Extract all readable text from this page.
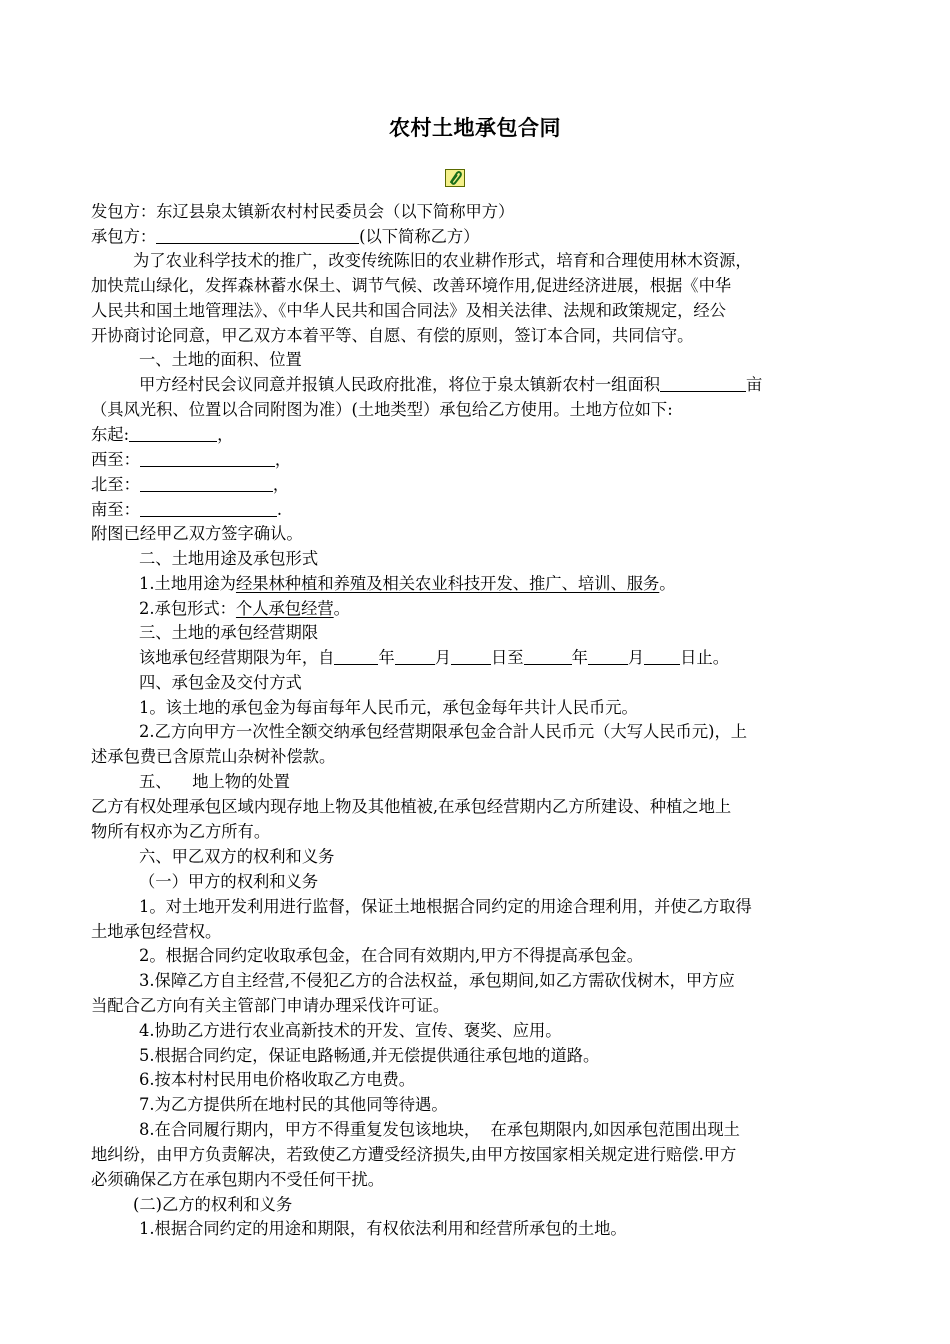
农村土地承包合同
发包方：东辽县泉太镇新农村村民委员会（以下简称甲方）
承包方：	(以下简称乙方）
为了农业科学技术的推广，改变传统陈旧的农业耕作形式，培育和合理使用林木资源，
加快荒山绿化，发挥森林蓄水保土、调节气候、改善环境作用,促进经济进展，根据《中华
人民共和国土地管理法》、《中华人民共和国合同法》及相关法律、法规和政策规定，经公
开协商讨论同意，甲乙双方本着平等、自愿、有偿的原则，签订本合同，共同信守。
一、土地的面积、位置
甲方经村民会议同意并报镇人民政府批准，将位于泉太镇新农村一组面积	亩
（具风光积、位置以合同附图为准）(土地类型）承包给乙方使用。土地方位如下:
东起:	，
西至：	，
北至：	，
南至：	.
附图已经甲乙双方签字确认。
二、土地用途及承包形式
1.土地用途为经果林种植和养殖及相关农业科技开发、推广、培训、服务。
2.承包形式：个人承包经营。
三、土地的承包经营期限
该地承包经营期限为年，自	年 月 日至	年 月 日止。
四、承包金及交付方式
1。该土地的承包金为每亩每年人民币元，承包金每年共计人民币元。
2.乙方向甲方一次性全额交纳承包经营期限承包金合計人民币元（大写人民币元)，上
述承包费已含原荒山杂树补偿款。
五、    地上物的处置
乙方有权处理承包区域内现存地上物及其他植被,在承包经营期内乙方所建设、种植之地上
物所有权亦为乙方所有。
六、甲乙双方的权利和义务
（一）甲方的权利和义务
1。对土地开发利用进行监督，保证土地根据合同约定的用途合理利用，并使乙方取得
土地承包经营权。
2。根据合同约定收取承包金，在合同有效期内,甲方不得提高承包金。
3.保障乙方自主经营,不侵犯乙方的合法权益，承包期间,如乙方需砍伐树木，甲方应
当配合乙方向有关主管部门申请办理采伐许可证。
4.协助乙方进行农业高新技术的开发、宣传、褒奖、应用。
5.根据合同约定，保证电路畅通,并无偿提供通往承包地的道路。
6.按本村村民用电价格收取乙方电费。
7.为乙方提供所在地村民的其他同等待遇。
8.在合同履行期内，甲方不得重复发包该地块，  在承包期限内,如因承包范围出现土
地纠纷，由甲方负责解决，若致使乙方遭受经济损失,由甲方按国家相关规定进行赔偿.甲方
必须确保乙方在承包期内不受任何干扰。
(二)乙方的权利和义务
1.根据合同约定的用途和期限，有权依法利用和经营所承包的土地。
